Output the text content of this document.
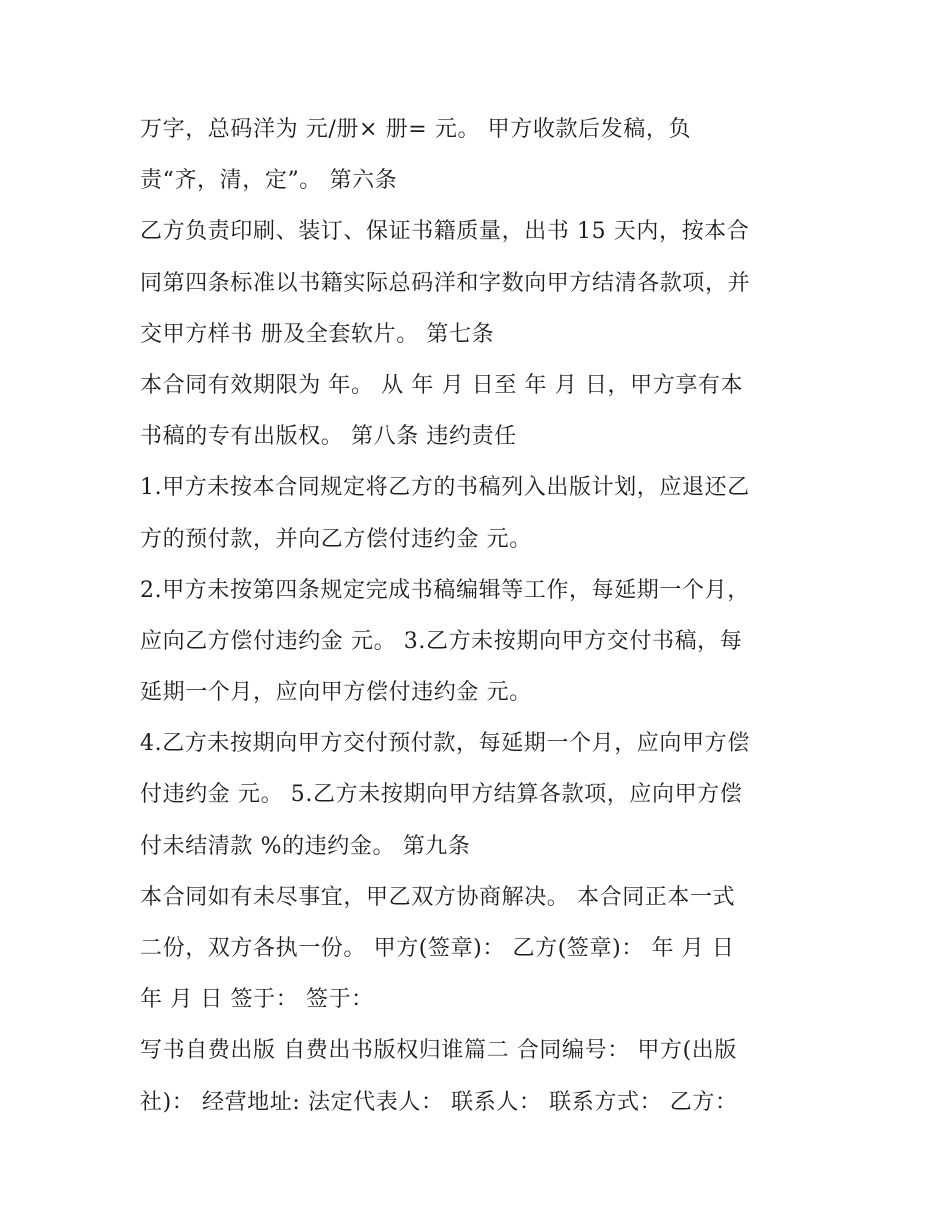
万字，总码洋为 元/册× 册= 元。 甲方收款后发稿，负
责“齐，清，定”。 第六条
乙方负责印刷、装订、保证书籍质量，出书 15 天内，按本合
同第四条标准以书籍实际总码洋和字数向甲方结清各款项，并
交甲方样书 册及全套软片。 第七条
本合同有效期限为 年。 从 年 月 日至 年 月 日，甲方享有本
书稿的专有出版权。 第八条 违约责任
1.甲方未按本合同规定将乙方的书稿列入出版计划，应退还乙
方的预付款，并向乙方偿付违约金 元。
2.甲方未按第四条规定完成书稿编辑等工作，每延期一个月，
应向乙方偿付违约金 元。 3.乙方未按期向甲方交付书稿，每
延期一个月，应向甲方偿付违约金 元。
4.乙方未按期向甲方交付预付款，每延期一个月，应向甲方偿
付违约金 元。 5.乙方未按期向甲方结算各款项，应向甲方偿
付未结清款 %的违约金。 第九条
本合同如有未尽事宜，甲乙双方协商解决。 本合同正本一式
二份，双方各执一份。 甲方(签章)： 乙方(签章)： 年 月 日
年 月 日 签于： 签于：
写书自费出版 自费出书版权归谁篇二 合同编号： 甲方(出版
社)： 经营地址: 法定代表人： 联系人： 联系方式： 乙方：
